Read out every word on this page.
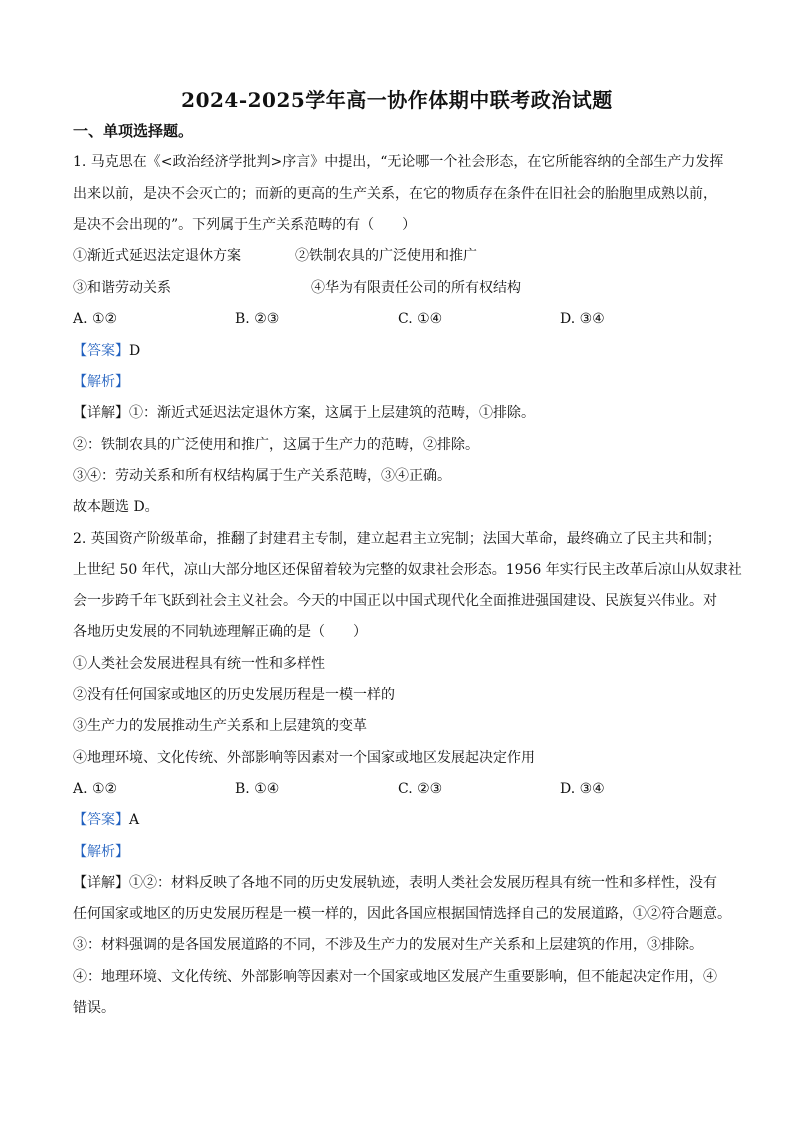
2024-2025学年高一协作体期中联考政治试题
一、单项选择题。
1. 马克思在《<政治经济学批判>序言》中提出，“无论哪一个社会形态，在它所能容纳的全部生产力发挥
出来以前，是决不会灭亡的；而新的更高的生产关系，在它的物质存在条件在旧社会的胎胞里成熟以前，
是决不会出现的”。下列属于生产关系范畴的有（　　）
①渐近式延迟法定退休方案	②铁制农具的广泛使用和推广
③和谐劳动关系	④华为有限责任公司的所有权结构
A. ①②	B. ②③	C. ①④	D. ③④
【答案】D
【解析】
【详解】①：渐近式延迟法定退休方案，这属于上层建筑的范畴，①排除。
②：铁制农具的广泛使用和推广，这属于生产力的范畴，②排除。
③④：劳动关系和所有权结构属于生产关系范畴，③④正确。
故本题选 D。
2. 英国资产阶级革命，推翻了封建君主专制，建立起君主立宪制；法国大革命，最终确立了民主共和制；
上世纪 50 年代，凉山大部分地区还保留着较为完整的奴隶社会形态。1956 年实行民主改革后凉山从奴隶社
会一步跨千年飞跃到社会主义社会。今天的中国正以中国式现代化全面推进强国建设、民族复兴伟业。对
各地历史发展的不同轨迹理解正确的是（　　）
①人类社会发展进程具有统一性和多样性
②没有任何国家或地区的历史发展历程是一模一样的
③生产力的发展推动生产关系和上层建筑的变革
④地理环境、文化传统、外部影响等因素对一个国家或地区发展起决定作用
A. ①②	B. ①④	C. ②③	D. ③④
【答案】A
【解析】
【详解】①②：材料反映了各地不同的历史发展轨迹，表明人类社会发展历程具有统一性和多样性，没有
任何国家或地区的历史发展历程是一模一样的，因此各国应根据国情选择自己的发展道路，①②符合题意。
③：材料强调的是各国发展道路的不同，不涉及生产力的发展对生产关系和上层建筑的作用，③排除。
④：地理环境、文化传统、外部影响等因素对一个国家或地区发展产生重要影响，但不能起决定作用，④
错误。
